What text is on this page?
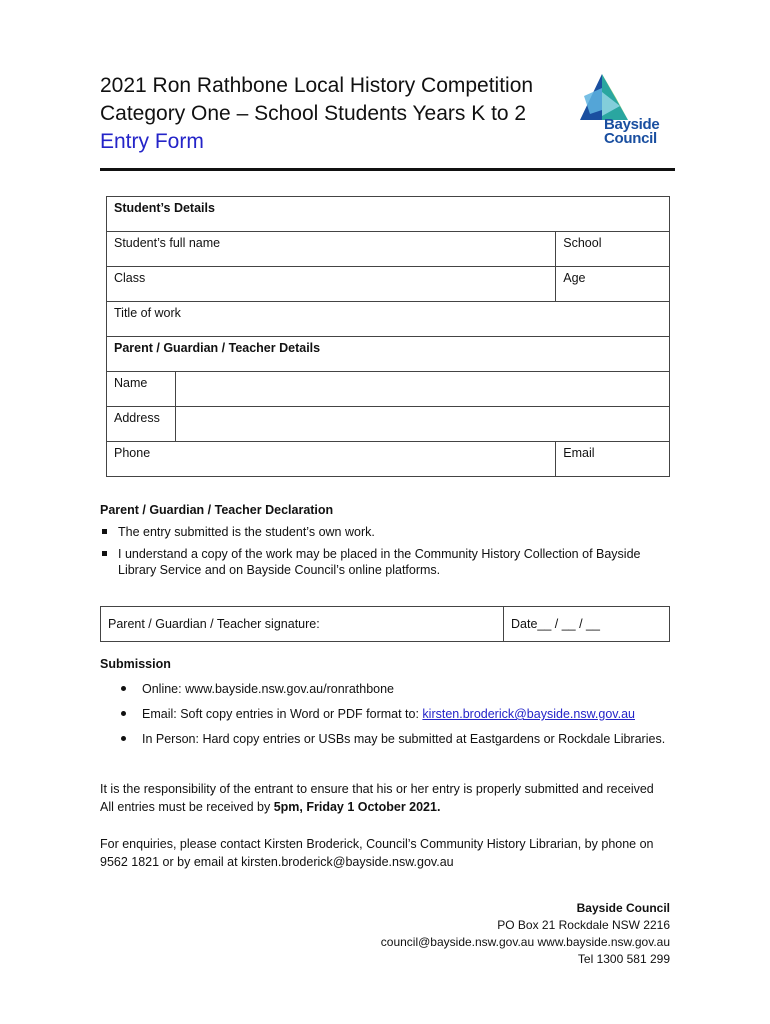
2021 Ron Rathbone Local History Competition
Category One – School Students Years K to 2
Entry Form
Bayside
Council
Student’s Details		
Student’s full name		School
Class		Age
Title of work		
Parent / Guardian / Teacher Details		
Name		
Address		
Phone		Email
Parent / Guardian / Teacher Declaration
The entry submitted is the student’s own work.
I understand a copy of the work may be placed in the Community History Collection of Bayside Library Service and on Bayside Council’s online platforms.
Parent / Guardian / Teacher signature:	Date__ / __ / __
Submission
Online: www.bayside.nsw.gov.au/ronrathbone
Email: Soft copy entries in Word or PDF format to: kirsten.broderick@bayside.nsw.gov.au
In Person: Hard copy entries or USBs may be submitted at Eastgardens or Rockdale Libraries.
It is the responsibility of the entrant to ensure that his or her entry is properly submitted and received All entries must be received by 5pm, Friday 1 October 2021.
For enquiries, please contact Kirsten Broderick, Council’s Community History Librarian, by phone on 9562 1821 or by email at kirsten.broderick@bayside.nsw.gov.au
Bayside Council
PO Box 21 Rockdale NSW 2216
council@bayside.nsw.gov.au www.bayside.nsw.gov.au
Tel 1300 581 299
